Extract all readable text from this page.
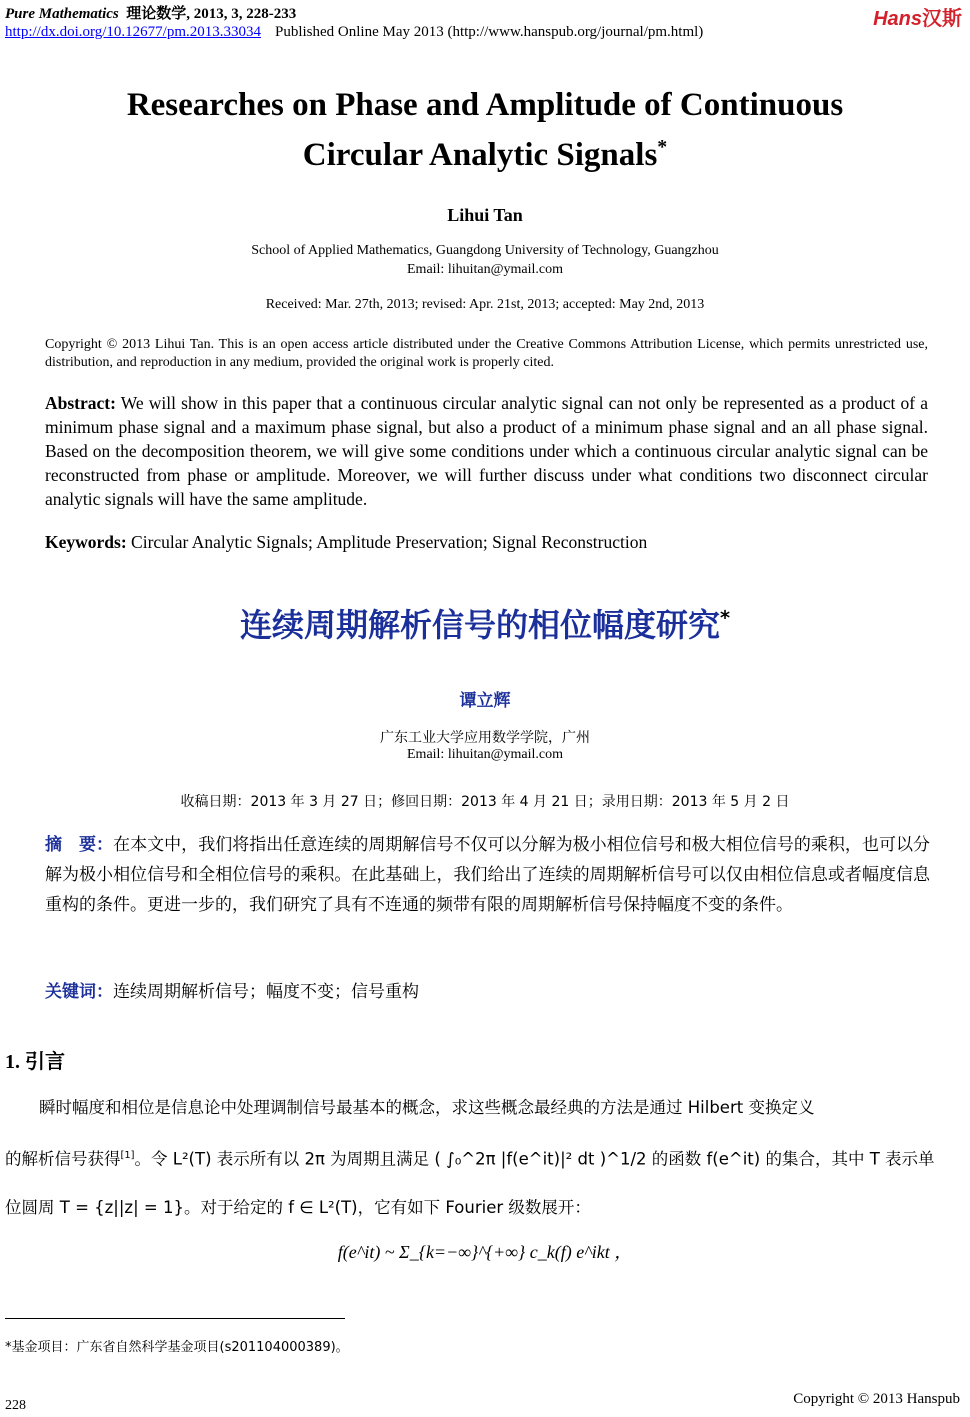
Pure Mathematics 理论数学, 2013, 3, 228-233
http://dx.doi.org/10.12677/pm.2013.33034 Published Online May 2013 (http://www.hanspub.org/journal/pm.html)
Hans汉斯
Researches on Phase and Amplitude of Continuous
Circular Analytic Signals*
Lihui Tan
School of Applied Mathematics, Guangdong University of Technology, Guangzhou
Email: lihuitan@ymail.com
Received: Mar. 27th, 2013; revised: Apr. 21st, 2013; accepted: May 2nd, 2013
Copyright © 2013 Lihui Tan. This is an open access article distributed under the Creative Commons Attribution License, which permits unrestricted use, distribution, and reproduction in any medium, provided the original work is properly cited.
Abstract: We will show in this paper that a continuous circular analytic signal can not only be represented as a product of a minimum phase signal and a maximum phase signal, but also a product of a minimum phase signal and an all phase signal. Based on the decomposition theorem, we will give some conditions under which a continuous circular analytic signal can be reconstructed from phase or amplitude. Moreover, we will further discuss under what conditions two disconnect circular analytic signals will have the same amplitude.
Keywords: Circular Analytic Signals; Amplitude Preservation; Signal Reconstruction
连续周期解析信号的相位幅度研究*
谭立辉
广东工业大学应用数学学院，广州
Email: lihuitan@ymail.com
收稿日期：2013 年 3 月 27 日；修回日期：2013 年 4 月 21 日；录用日期：2013 年 5 月 2 日
摘　要：在本文中，我们将指出任意连续的周期解信号不仅可以分解为极小相位信号和极大相位信号的乘积，也可以分解为极小相位信号和全相位信号的乘积。在此基础上，我们给出了连续的周期解析信号可以仅由相位信息或者幅度信息重构的条件。更进一步的，我们研究了具有不连通的频带有限的周期解析信号保持幅度不变的条件。
关键词：连续周期解析信号；幅度不变；信号重构
1. 引言
瞬时幅度和相位是信息论中处理调制信号最基本的概念，求这些概念最经典的方法是通过 Hilbert 变换定义
的解析信号获得[1]。令 L²(T) 表示所有以 2π 为周期且满足 ( ∫₀^2π |f(e^it)|² dt )^1/2 的函数 f(e^it) 的集合，其中 T 表示单
位圆周 T = {z||z| = 1}。对于给定的 f ∈ L²(T)，它有如下 Fourier 级数展开：
f(e^it) ~ Σ_{k=−∞}^{+∞} c_k(f) e^ikt ，
*基金项目：广东省自然科学基金项目(s201104000389)。
228	Copyright © 2013 Hanspub
